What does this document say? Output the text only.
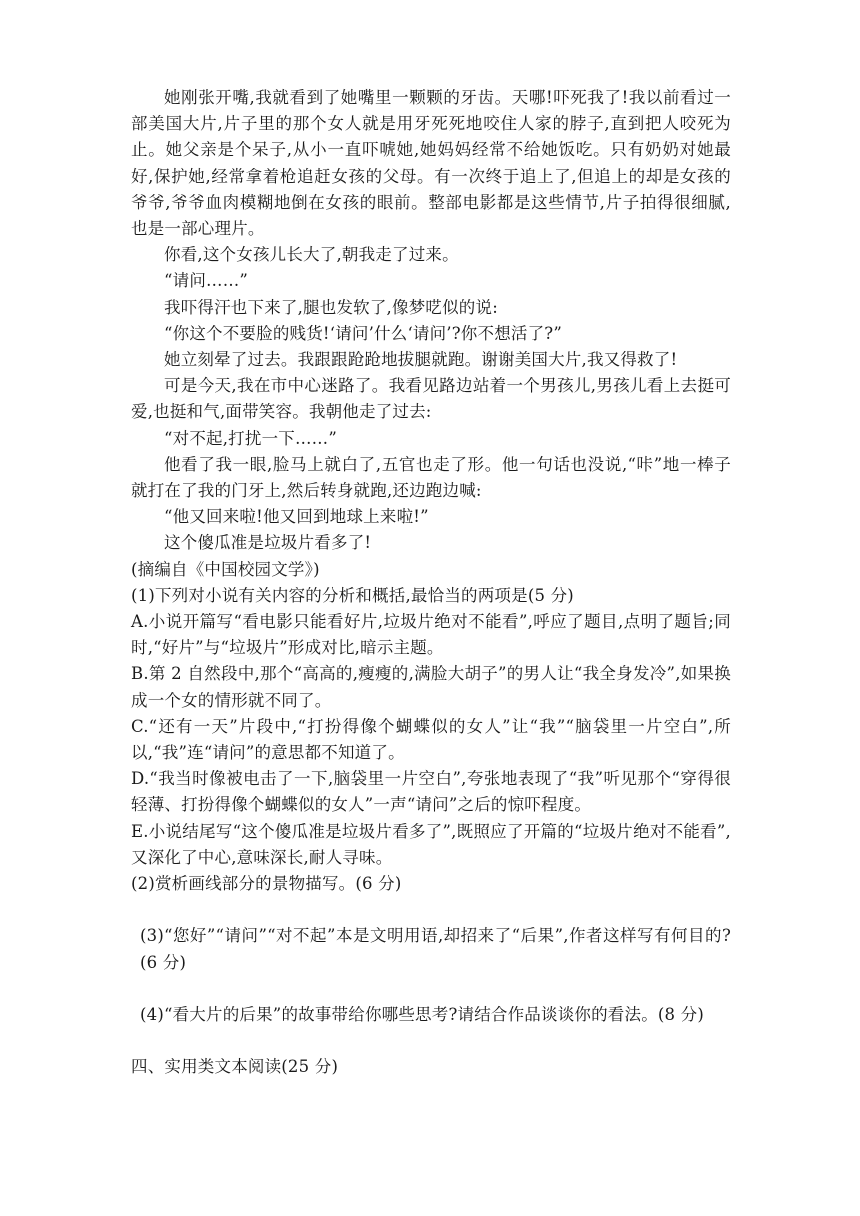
她刚张开嘴,我就看到了她嘴里一颗颗的牙齿。天哪!吓死我了!我以前看过一部美国大片,片子里的那个女人就是用牙死死地咬住人家的脖子,直到把人咬死为止。她父亲是个呆子,从小一直吓唬她,她妈妈经常不给她饭吃。只有奶奶对她最好,保护她,经常拿着枪追赶女孩的父母。有一次终于追上了,但追上的却是女孩的爷爷,爷爷血肉模糊地倒在女孩的眼前。整部电影都是这些情节,片子拍得很细腻,也是一部心理片。

你看,这个女孩儿长大了,朝我走了过来。

“请问……”

我吓得汗也下来了,腿也发软了,像梦呓似的说:

“你这个不要脸的贱货!‘请问’什么‘请问’?你不想活了?”

她立刻晕了过去。我跟跟跄跄地拔腿就跑。谢谢美国大片,我又得救了!

可是今天,我在市中心迷路了。我看见路边站着一个男孩儿,男孩儿看上去挺可爱,也挺和气,面带笑容。我朝他走了过去:

“对不起,打扰一下……”

他看了我一眼,脸马上就白了,五官也走了形。他一句话也没说,“咔”地一棒子就打在了我的门牙上,然后转身就跑,还边跑边喊:

“他又回来啦!他又回到地球上来啦!”

这个傻瓜准是垃圾片看多了!

(摘编自《中国校园文学》)

(1)下列对小说有关内容的分析和概括,最恰当的两项是(5 分)

A.小说开篇写“看电影只能看好片,垃圾片绝对不能看”,呼应了题目,点明了题旨;同时,“好片”与“垃圾片”形成对比,暗示主题。

B.第 2 自然段中,那个“高高的,瘦瘦的,满脸大胡子”的男人让“我全身发冷”,如果换成一个女的情形就不同了。

C.“还有一天”片段中,“打扮得像个蝴蝶似的女人”让“我”“脑袋里一片空白”,所以,“我”连“请问”的意思都不知道了。

D.“我当时像被电击了一下,脑袋里一片空白”,夸张地表现了“我”听见那个“穿得很轻薄、打扮得像个蝴蝶似的女人”一声“请问”之后的惊吓程度。

E.小说结尾写“这个傻瓜准是垃圾片看多了”,既照应了开篇的“垃圾片绝对不能看”,又深化了中心,意味深长,耐人寻味。

(2)赏析画线部分的景物描写。(6 分)

(3)“您好”“请问”“对不起”本是文明用语,却招来了“后果”,作者这样写有何目的?(6 分)

(4)“看大片的后果”的故事带给你哪些思考?请结合作品谈谈你的看法。(8 分)

四、实用类文本阅读(25 分)
